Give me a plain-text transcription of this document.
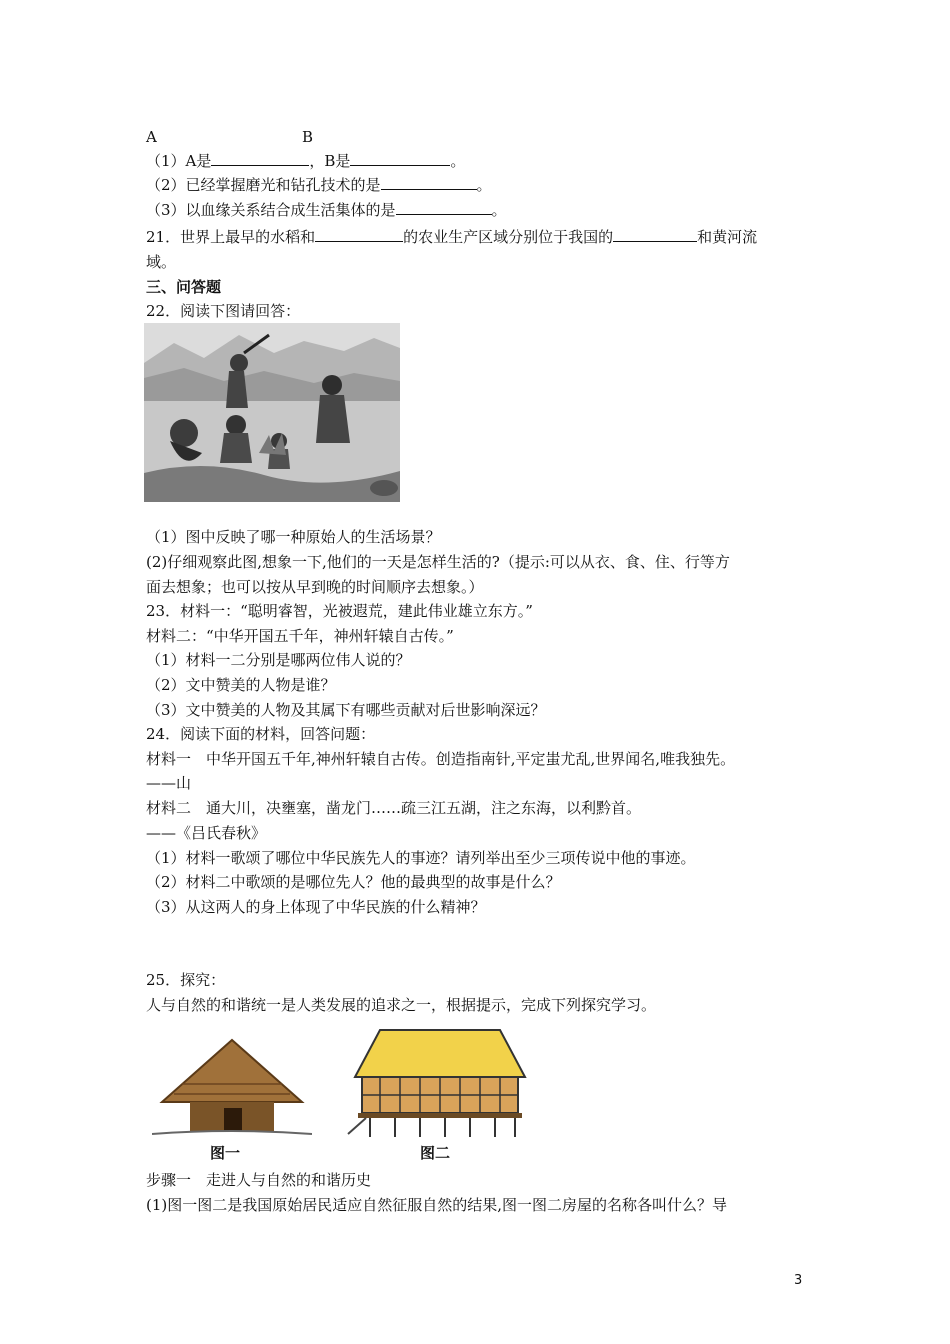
A	B
（1）A是	，B是	。
（2）已经掌握磨光和钻孔技术的是	。
（3）以血缘关系结合成生活集体的是	。
21．世界上最早的水稻和	的农业生产区域分别位于我国的	和黄河流
域。
三、问答题
22．阅读下图请回答：
（1）图中反映了哪一种原始人的生活场景？
(2)仔细观察此图,想象一下,他们的一天是怎样生活的?（提示:可以从衣、食、住、行等方
面去想象；也可以按从早到晚的时间顺序去想象。）
23．材料一：“聪明睿智，光被遐荒，建此伟业雄立东方。”
材料二：“中华开国五千年，神州轩辕自古传。”
（1）材料一二分别是哪两位伟人说的？
（2）文中赞美的人物是谁？
（3）文中赞美的人物及其属下有哪些贡献对后世影响深远？
24．阅读下面的材料，回答问题：
材料一　中华开国五千年,神州轩辕自古传。创造指南针,平定蚩尤乱,世界闻名,唯我独先。
——山
材料二　通大川，决壅塞，凿龙门……疏三江五湖，注之东海，以利黔首。
——《吕氏春秋》
（1）材料一歌颂了哪位中华民族先人的事迹？请列举出至少三项传说中他的事迹。
（2）材料二中歌颂的是哪位先人？他的最典型的故事是什么？
（3）从这两人的身上体现了中华民族的什么精神？
25．探究：
人与自然的和谐统一是人类发展的追求之一，根据提示，完成下列探究学习。
图一	图二
步骤一　走进人与自然的和谐历史
(1)图一图二是我国原始居民适应自然征服自然的结果,图一图二房屋的名称各叫什么？导
3
